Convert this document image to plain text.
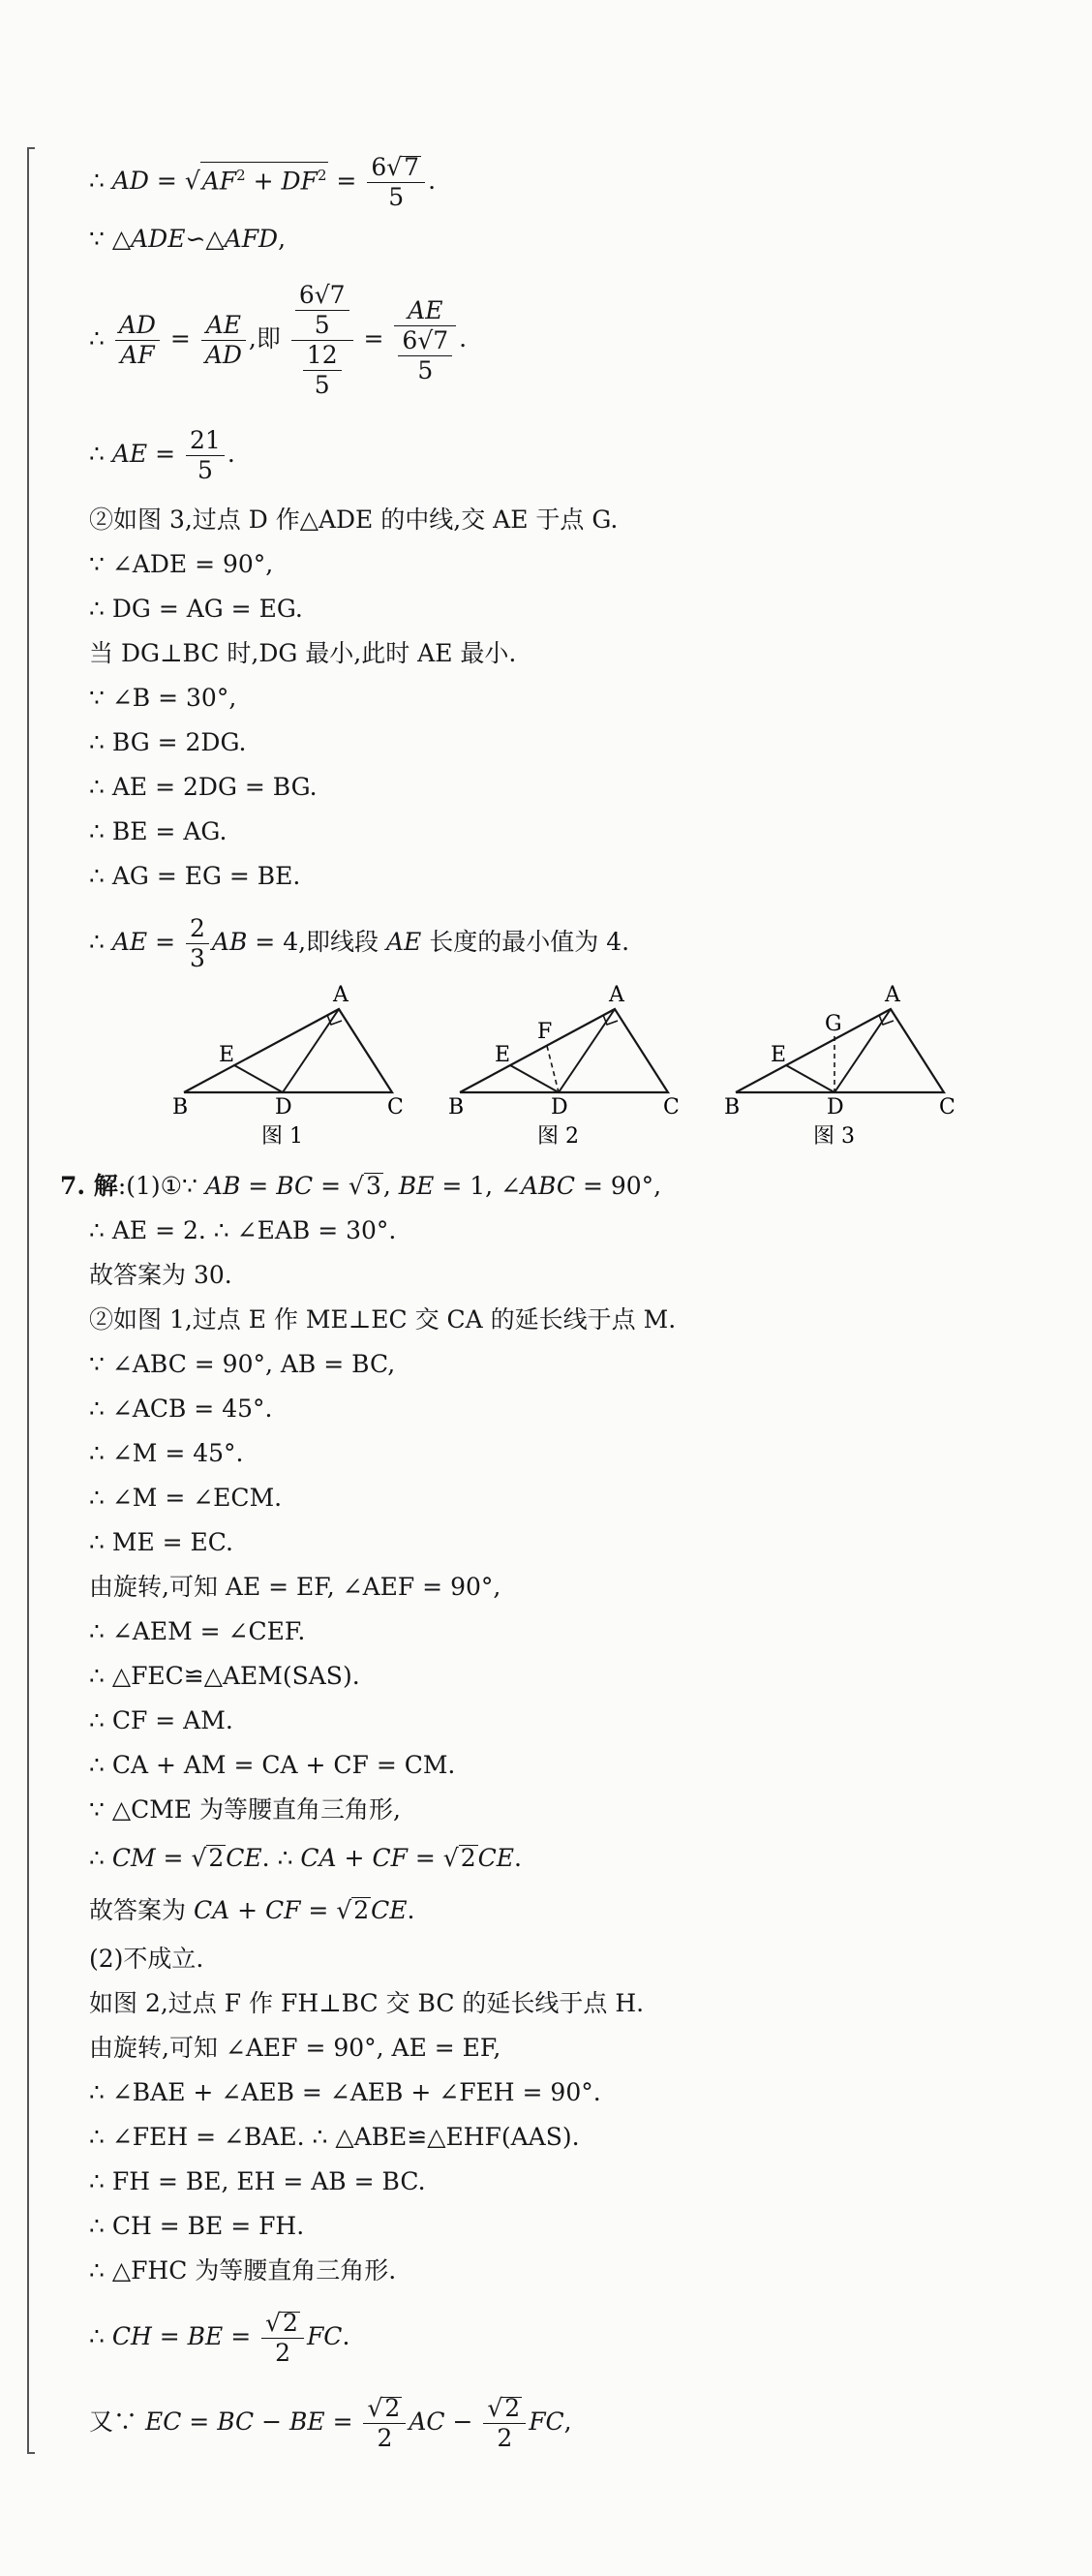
∴ AD = $√AF^2 + DF^2 = \frac{6√7}{5}$ .
∵ △ADE∽△AFD,
∴ $\frac{AD}{AF} = \frac{AE}{AD}$ ,即 $\frac{\frac{6√7}{5}}{\frac{12}{5}} = \frac{AE}{\frac{6√7}{5}}$ .
∴ AE = $\frac{21}{5}$ .
②如图 3,过点 D 作△ADE 的中线,交 AE 于点 G.
∵ ∠ADE = 90°,
∴ DG = AG = EG.
当 DG⊥BC 时,DG 最小,此时 AE 最小.
∵ ∠B = 30°,
∴ BG = 2DG.
∴ AE = 2DG = BG.
∴ BE = AG.
∴ AG = EG = BE.
∴ AE = $\frac{2}{3}$ AB = 4,即线段 AE 长度的最小值为 4.
A
E
B	D	C
图 1
A
F
E
B	D	C
图 2
A
G
E
B	D	C
图 3
7. 解:(1)①∵ AB = BC = √3, BE = 1, ∠ABC = 90°,
∴ AE = 2. ∴ ∠EAB = 30°.
故答案为 30.
②如图 1,过点 E 作 ME⊥EC 交 CA 的延长线于点 M.
∵ ∠ABC = 90°, AB = BC,
∴ ∠ACB = 45°.
∴ ∠M = 45°.
∴ ∠M = ∠ECM.
∴ ME = EC.
由旋转,可知 AE = EF, ∠AEF = 90°,
∴ ∠AEM = ∠CEF.
∴ △FEC≌△AEM(SAS).
∴ CF = AM.
∴ CA + AM = CA + CF = CM.
∵ △CME 为等腰直角三角形,
∴ CM = √2CE. ∴ CA + CF = √2CE.
故答案为 CA + CF = √2CE.
(2)不成立.
如图 2,过点 F 作 FH⊥BC 交 BC 的延长线于点 H.
由旋转,可知 ∠AEF = 90°, AE = EF,
∴ ∠BAE + ∠AEB = ∠AEB + ∠FEH = 90°.
∴ ∠FEH = ∠BAE. ∴ △ABE≌△EHF(AAS).
∴ FH = BE, EH = AB = BC.
∴ CH = BE = FH.
∴ △FHC 为等腰直角三角形.
∴ CH = BE = $\frac{√2}{2}$ FC.
又∵ EC = BC − BE = $\frac{√2}{2}$ AC − $\frac{√2}{2}$ FC,
